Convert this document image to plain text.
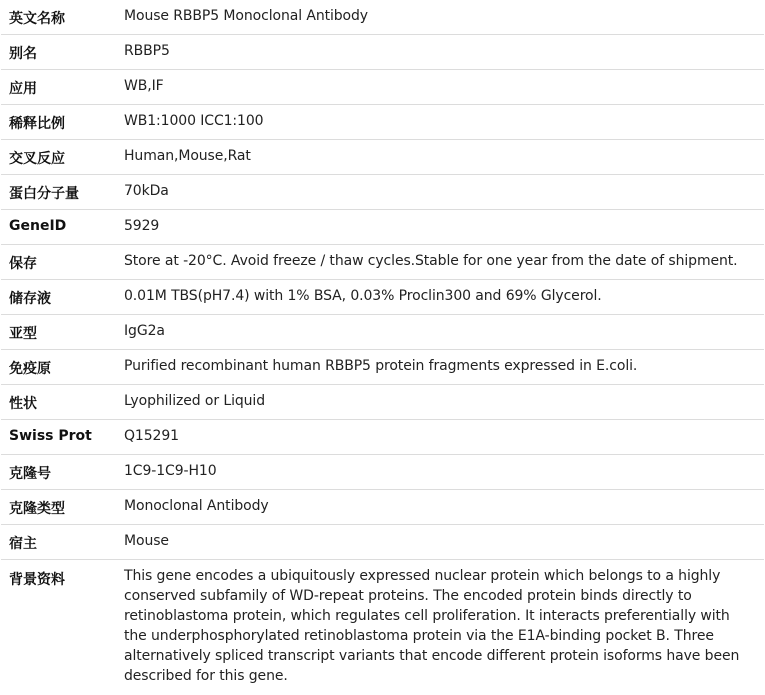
英文名称	Mouse RBBP5 Monoclonal Antibody
别名	RBBP5
应用	WB,IF
稀释比例	WB1:1000 ICC1:100
交叉反应	Human,Mouse,Rat
蛋白分子量	70kDa
GeneID	5929
保存	Store at -20°C. Avoid freeze / thaw cycles.Stable for one year from the date of shipment.
储存液	0.01M TBS(pH7.4) with 1% BSA, 0.03% Proclin300 and 69% Glycerol.
亚型	IgG2a
免疫原	Purified recombinant human RBBP5 protein fragments expressed in E.coli.
性状	Lyophilized or Liquid
Swiss Prot	Q15291
克隆号	1C9-1C9-H10
克隆类型	Monoclonal Antibody
宿主	Mouse
背景资料	This gene encodes a ubiquitously expressed nuclear protein which belongs to a highly conserved subfamily of WD-repeat proteins. The encoded protein binds directly to retinoblastoma protein, which regulates cell proliferation. It interacts preferentially with the underphosphorylated retinoblastoma protein via the E1A-binding pocket B. Three alternatively spliced transcript variants that encode different protein isoforms have been described for this gene.
